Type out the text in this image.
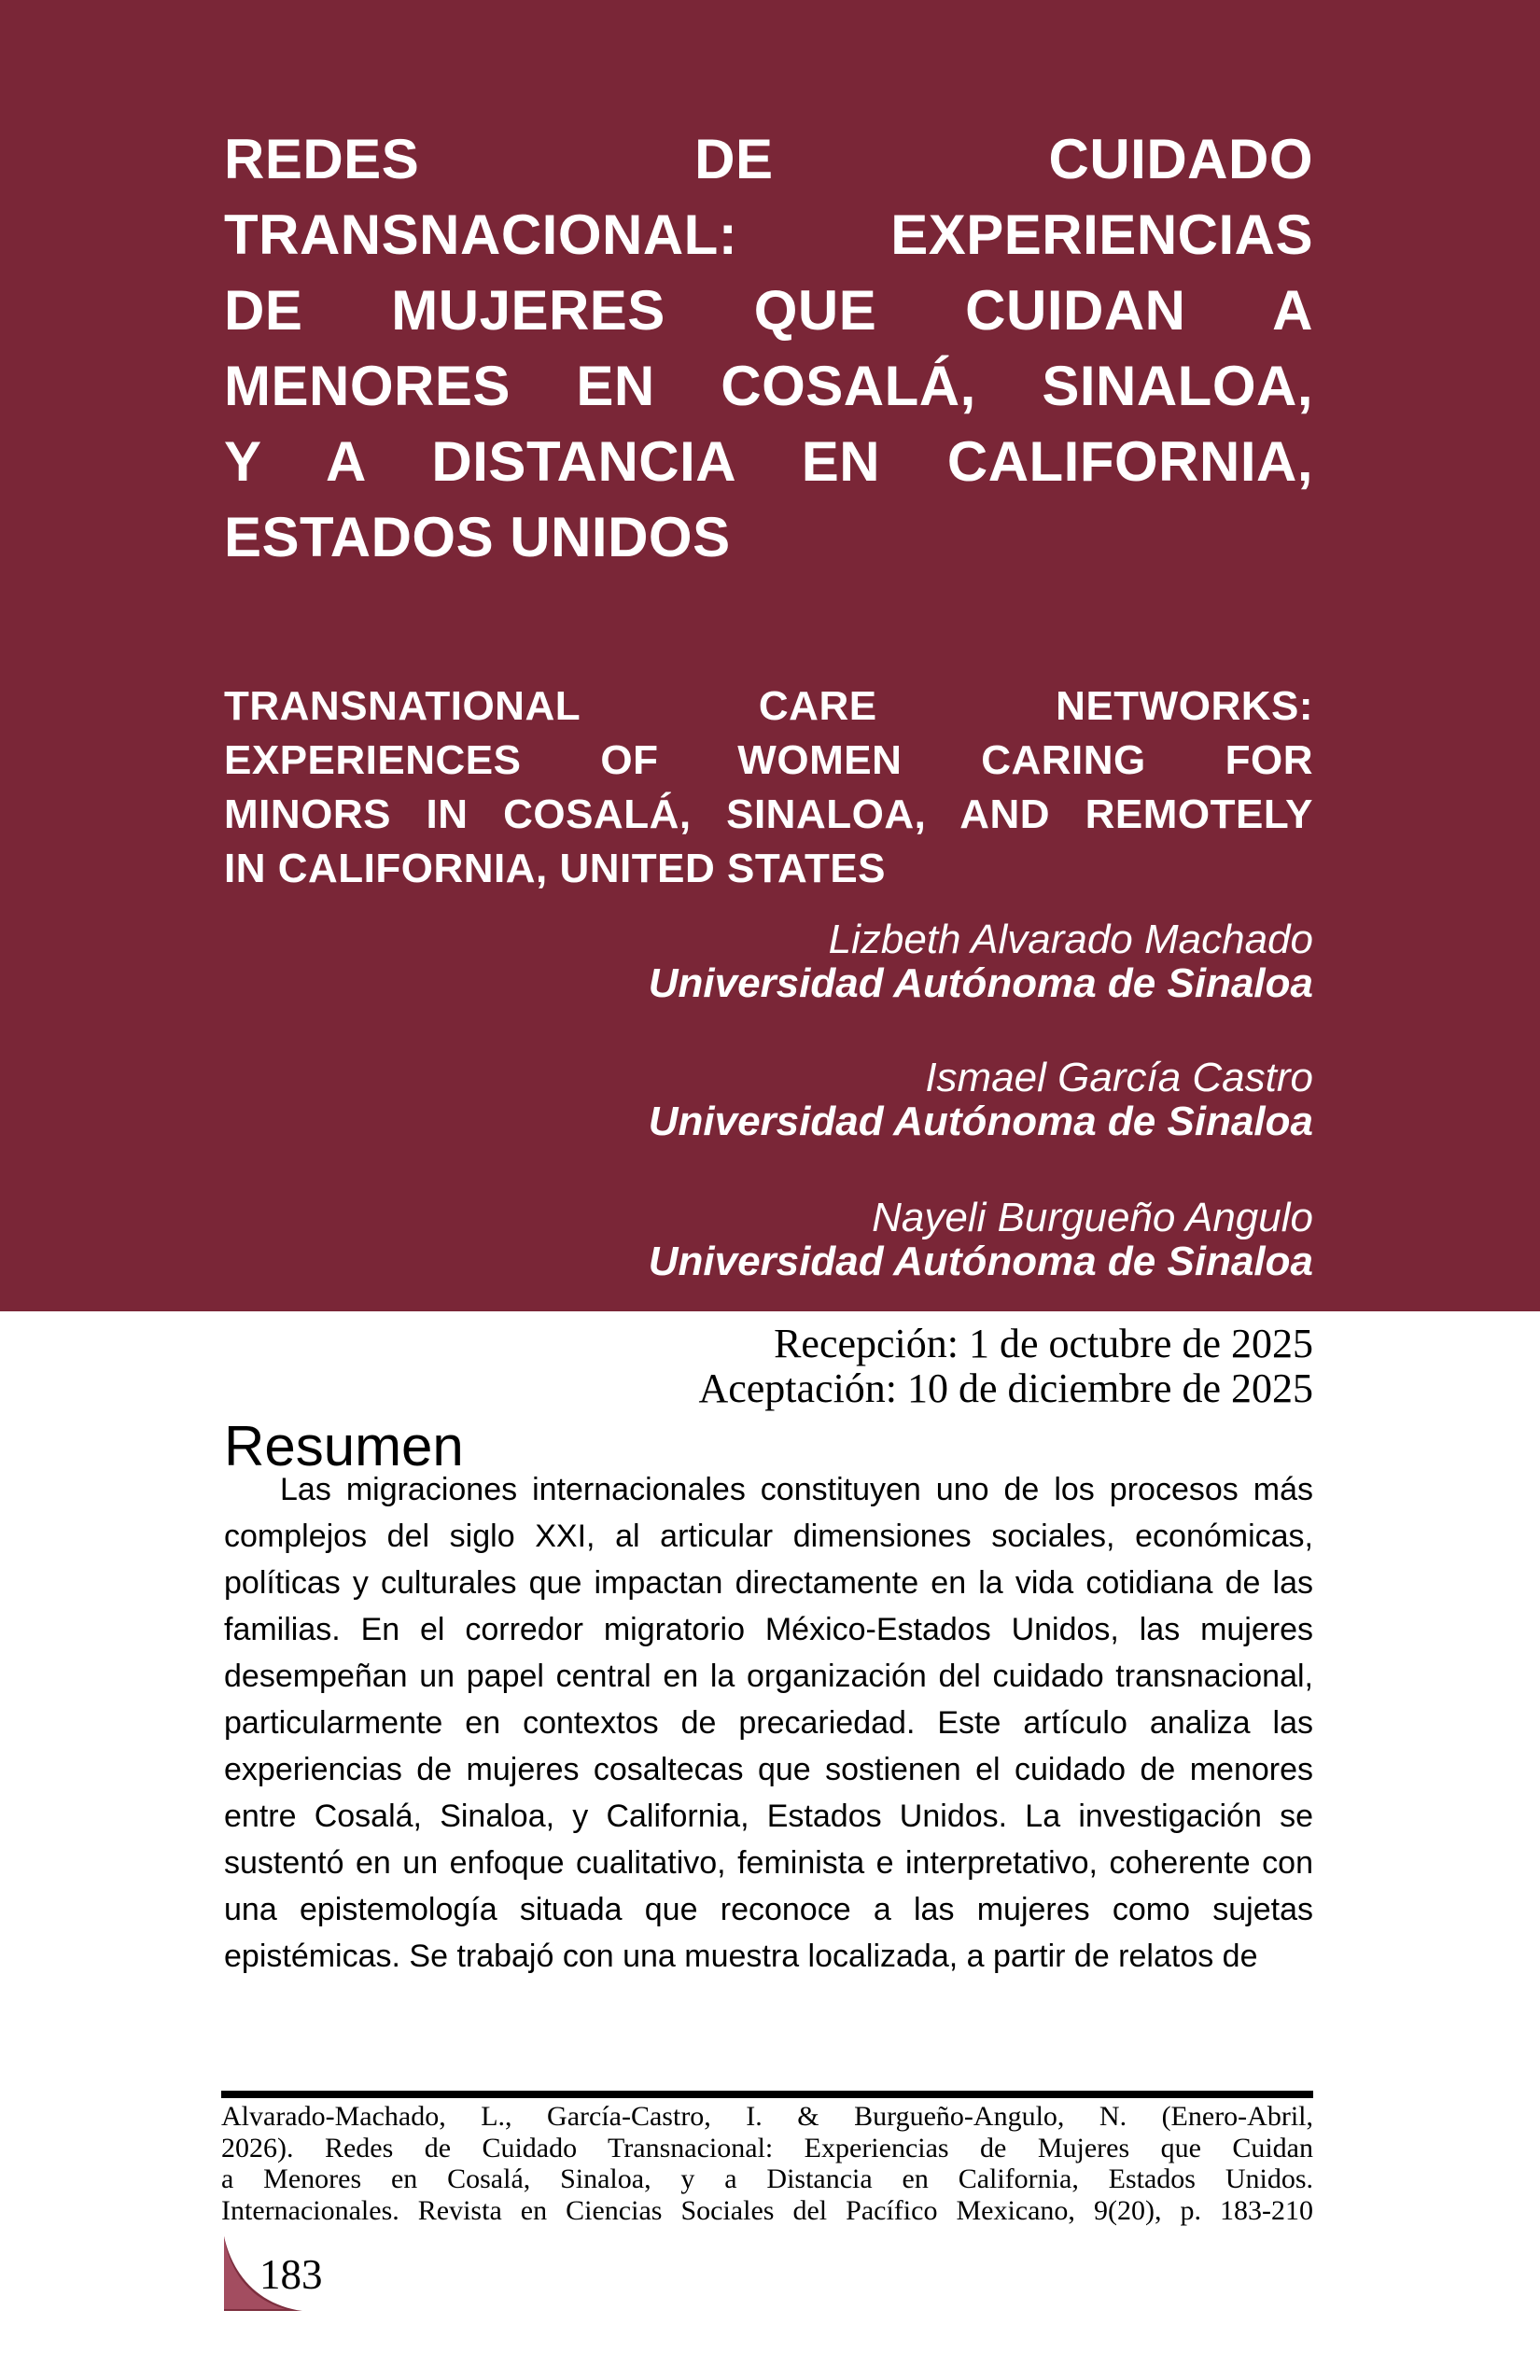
REDES DE CUIDADO
TRANSNACIONAL: EXPERIENCIAS
DE MUJERES QUE CUIDAN A
MENORES EN COSALÁ, SINALOA,
Y A DISTANCIA EN CALIFORNIA,
ESTADOS UNIDOS
TRANSNATIONAL CARE NETWORKS:
EXPERIENCES OF WOMEN CARING FOR
MINORS IN COSALÁ, SINALOA, AND REMOTELY
IN CALIFORNIA, UNITED STATES
Lizbeth Alvarado Machado
Universidad Autónoma de Sinaloa
Ismael García Castro
Universidad Autónoma de Sinaloa
Nayeli Burgueño Angulo
Universidad Autónoma de Sinaloa
Recepción: 1 de octubre de 2025
Aceptación: 10 de diciembre de 2025
Resumen
Las migraciones internacionales constituyen uno de los procesos más complejos del siglo XXI, al articular dimensiones sociales, económicas, políticas y culturales que impactan directamente en la vida cotidiana de las familias. En el corredor migratorio México-Estados Unidos, las mujeres desempeñan un papel central en la organización del cuidado transnacional, particularmente en contextos de precariedad. Este artículo analiza las experiencias de mujeres cosaltecas que sostienen el cuidado de menores entre Cosalá, Sinaloa, y California, Estados Unidos. La investigación se sustentó en un enfoque cualitativo, feminista e interpretativo, coherente con una epistemología situada que reconoce a las mujeres como sujetas epistémicas. Se trabajó con una muestra localizada, a partir de relatos de
Alvarado-Machado, L., García-Castro, I. & Burgueño-Angulo, N. (Enero-Abril,
2026). Redes de Cuidado Transnacional: Experiencias de Mujeres que Cuidan
a Menores en Cosalá, Sinaloa, y a Distancia en California, Estados Unidos.
Internacionales. Revista en Ciencias Sociales del Pacífico Mexicano, 9(20), p. 183-210
183
